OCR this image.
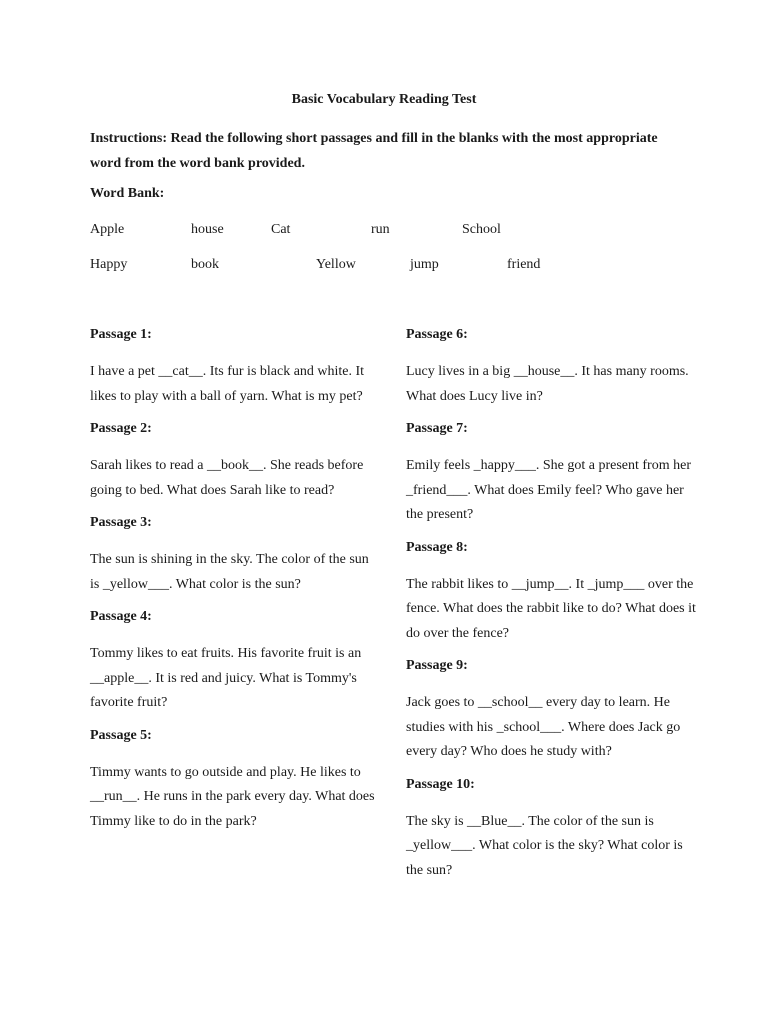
Basic Vocabulary Reading Test
Instructions: Read the following short passages and fill in the blanks with the most appropriate word from the word bank provided.
Word Bank:
Apple	house	Cat	run	School
Happy	book	Yellow	jump	friend

Passage 1:

I have a pet __cat__. Its fur is black and white. It likes to play with a ball of yarn. What is my pet?

Passage 2:

Sarah likes to read a __book__. She reads before going to bed. What does Sarah like to read?

Passage 3:

The sun is shining in the sky. The color of the sun is _yellow___. What color is the sun?

Passage 4:

Tommy likes to eat fruits. His favorite fruit is an __apple__. It is red and juicy. What is Tommy's favorite fruit?

Passage 5:

Timmy wants to go outside and play. He likes to __run__. He runs in the park every day. What does Timmy like to do in the park?

Passage 6:

Lucy lives in a big __house__. It has many rooms. What does Lucy live in?

Passage 7:

Emily feels _happy___. She got a present from her _friend___. What does Emily feel? Who gave her the present?

Passage 8:

The rabbit likes to __jump__. It _jump___ over the fence. What does the rabbit like to do? What does it do over the fence?

Passage 9:

Jack goes to __school__ every day to learn. He studies with his _school___. Where does Jack go every day? Who does he study with?

Passage 10:

The sky is __Blue__. The color of the sun is _yellow___. What color is the sky? What color is the sun?
